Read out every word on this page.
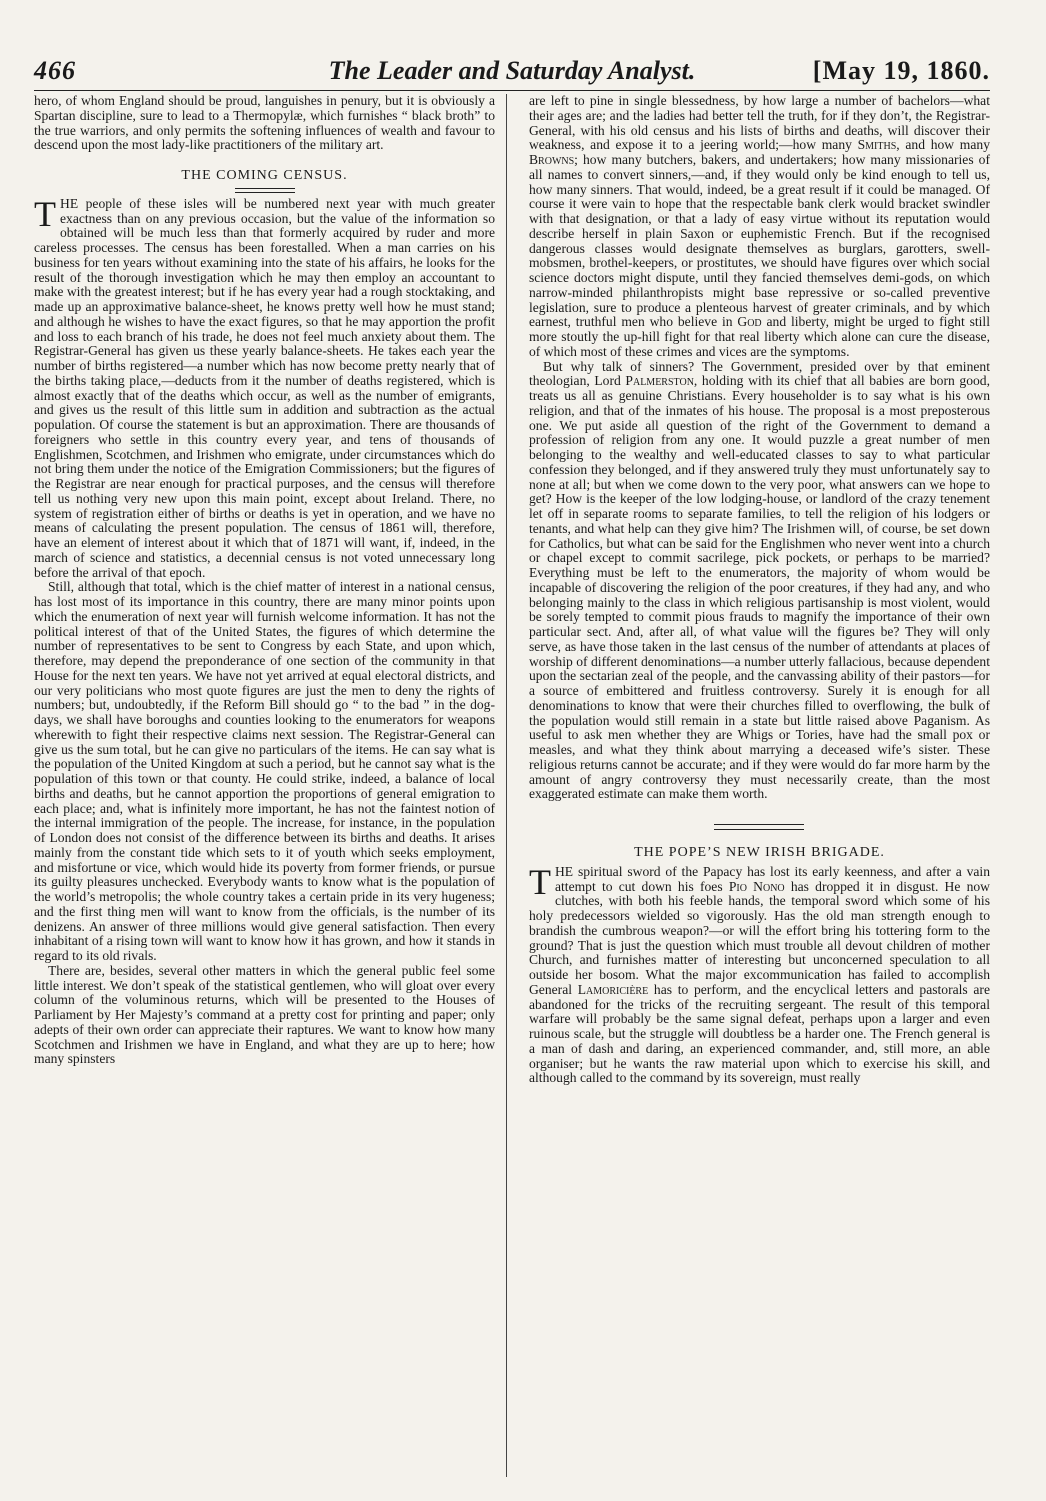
466	The Leader and Saturday Analyst.	[May 19, 1860.

hero, of whom England should be proud, languishes in penury, but it is obviously a Spartan discipline, sure to lead to a Thermopylæ, which furnishes “ black broth” to the true warriors, and only permits the softening influences of wealth and favour to descend upon the most lady-like practitioners of the military art.

THE COMING CENSUS.

THE people of these isles will be numbered next year with much greater exactness than on any previous occasion, but the value of the information so obtained will be much less than that formerly acquired by ruder and more careless processes. The census has been forestalled. When a man carries on his business for ten years without examining into the state of his affairs, he looks for the result of the thorough investigation which he may then employ an accountant to make with the greatest interest; but if he has every year had a rough stocktaking, and made up an approximative balance-sheet, he knows pretty well how he must stand; and although he wishes to have the exact figures, so that he may apportion the profit and loss to each branch of his trade, he does not feel much anxiety about them. The Registrar-General has given us these yearly balance-sheets. He takes each year the number of births registered—a number which has now become pretty nearly that of the births taking place,—deducts from it the number of deaths registered, which is almost exactly that of the deaths which occur, as well as the number of emigrants, and gives us the result of this little sum in addition and subtraction as the actual population. Of course the statement is but an approximation. There are thousands of foreigners who settle in this country every year, and tens of thousands of Englishmen, Scotchmen, and Irishmen who emigrate, under circumstances which do not bring them under the notice of the Emigration Commissioners; but the figures of the Registrar are near enough for practical purposes, and the census will therefore tell us nothing very new upon this main point, except about Ireland. There, no system of registration either of births or deaths is yet in operation, and we have no means of calculating the present population. The census of 1861 will, therefore, have an element of interest about it which that of 1871 will want, if, indeed, in the march of science and statistics, a decennial census is not voted unnecessary long before the arrival of that epoch.

Still, although that total, which is the chief matter of interest in a national census, has lost most of its importance in this country, there are many minor points upon which the enumeration of next year will furnish welcome information. It has not the political interest of that of the United States, the figures of which determine the number of representatives to be sent to Congress by each State, and upon which, therefore, may depend the preponderance of one section of the community in that House for the next ten years. We have not yet arrived at equal electoral districts, and our very politicians who most quote figures are just the men to deny the rights of numbers; but, undoubtedly, if the Reform Bill should go “ to the bad ” in the dog-days, we shall have boroughs and counties looking to the enumerators for weapons wherewith to fight their respective claims next session. The Registrar-General can give us the sum total, but he can give no particulars of the items. He can say what is the population of the United Kingdom at such a period, but he cannot say what is the population of this town or that county. He could strike, indeed, a balance of local births and deaths, but he cannot apportion the proportions of general emigration to each place; and, what is infinitely more important, he has not the faintest notion of the internal immigration of the people. The increase, for instance, in the population of London does not consist of the difference between its births and deaths. It arises mainly from the constant tide which sets to it of youth which seeks employment, and misfortune or vice, which would hide its poverty from former friends, or pursue its guilty pleasures unchecked. Everybody wants to know what is the population of the world’s metropolis; the whole country takes a certain pride in its very hugeness; and the first thing men will want to know from the officials, is the number of its denizens. An answer of three millions would give general satisfaction. Then every inhabitant of a rising town will want to know how it has grown, and how it stands in regard to its old rivals.

There are, besides, several other matters in which the general public feel some little interest. We don’t speak of the statistical gentlemen, who will gloat over every column of the voluminous returns, which will be presented to the Houses of Parliament by Her Majesty’s command at a pretty cost for printing and paper; only adepts of their own order can appreciate their raptures. We want to know how many Scotchmen and Irishmen we have in England, and what they are up to here; how many spinsters

are left to pine in single blessedness, by how large a number of bachelors—what their ages are; and the ladies had better tell the truth, for if they don’t, the Registrar-General, with his old census and his lists of births and deaths, will discover their weakness, and expose it to a jeering world;—how many Smiths, and how many Browns; how many butchers, bakers, and undertakers; how many missionaries of all names to convert sinners,—and, if they would only be kind enough to tell us, how many sinners. That would, indeed, be a great result if it could be managed. Of course it were vain to hope that the respectable bank clerk would bracket swindler with that designation, or that a lady of easy virtue without its reputation would describe herself in plain Saxon or euphemistic French. But if the recognised dangerous classes would designate themselves as burglars, garotters, swell-mobsmen, brothel-keepers, or prostitutes, we should have figures over which social science doctors might dispute, until they fancied themselves demi-gods, on which narrow-minded philanthropists might base repressive or so-called preventive legislation, sure to produce a plenteous harvest of greater criminals, and by which earnest, truthful men who believe in God and liberty, might be urged to fight still more stoutly the up-hill fight for that real liberty which alone can cure the disease, of which most of these crimes and vices are the symptoms.

But why talk of sinners? The Government, presided over by that eminent theologian, Lord Palmerston, holding with its chief that all babies are born good, treats us all as genuine Christians. Every householder is to say what is his own religion, and that of the inmates of his house. The proposal is a most preposterous one. We put aside all question of the right of the Government to demand a profession of religion from any one. It would puzzle a great number of men belonging to the wealthy and well-educated classes to say to what particular confession they belonged, and if they answered truly they must unfortunately say to none at all; but when we come down to the very poor, what answers can we hope to get? How is the keeper of the low lodging-house, or landlord of the crazy tenement let off in separate rooms to separate families, to tell the religion of his lodgers or tenants, and what help can they give him? The Irishmen will, of course, be set down for Catholics, but what can be said for the Englishmen who never went into a church or chapel except to commit sacrilege, pick pockets, or perhaps to be married? Everything must be left to the enumerators, the majority of whom would be incapable of discovering the religion of the poor creatures, if they had any, and who belonging mainly to the class in which religious partisanship is most violent, would be sorely tempted to commit pious frauds to magnify the importance of their own particular sect. And, after all, of what value will the figures be? They will only serve, as have those taken in the last census of the number of attendants at places of worship of different denominations—a number utterly fallacious, because dependent upon the sectarian zeal of the people, and the canvassing ability of their pastors—for a source of embittered and fruitless controversy. Surely it is enough for all denominations to know that were their churches filled to overflowing, the bulk of the population would still remain in a state but little raised above Paganism. As useful to ask men whether they are Whigs or Tories, have had the small pox or measles, and what they think about marrying a deceased wife’s sister. These religious returns cannot be accurate; and if they were would do far more harm by the amount of angry controversy they must necessarily create, than the most exaggerated estimate can make them worth.

THE POPE’S NEW IRISH BRIGADE.

THE spiritual sword of the Papacy has lost its early keenness, and after a vain attempt to cut down his foes Pio Nono has dropped it in disgust. He now clutches, with both his feeble hands, the temporal sword which some of his holy predecessors wielded so vigorously. Has the old man strength enough to brandish the cumbrous weapon?—or will the effort bring his tottering form to the ground? That is just the question which must trouble all devout children of mother Church, and furnishes matter of interesting but unconcerned speculation to all outside her bosom. What the major excommunication has failed to accomplish General Lamoricière has to perform, and the encyclical letters and pastorals are abandoned for the tricks of the recruiting sergeant. The result of this temporal warfare will probably be the same signal defeat, perhaps upon a larger and even ruinous scale, but the struggle will doubtless be a harder one. The French general is a man of dash and daring, an experienced commander, and, still more, an able organiser; but he wants the raw material upon which to exercise his skill, and although called to the command by its sovereign, must really
